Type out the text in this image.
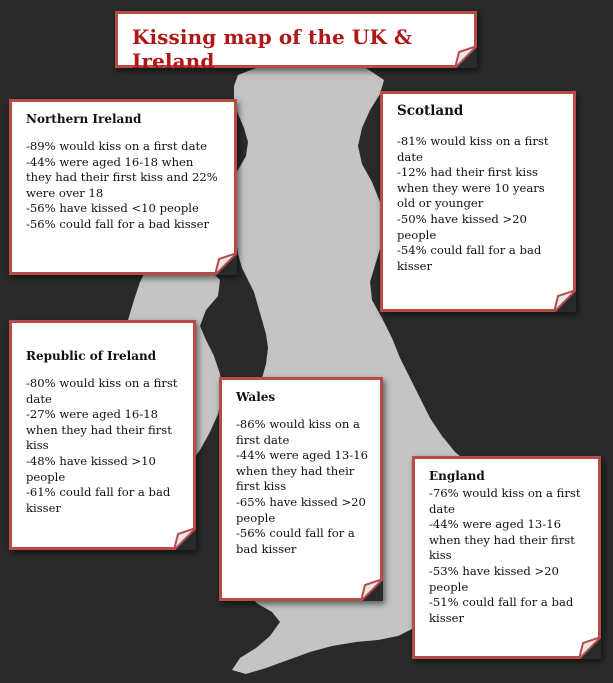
Kissing map of the UK & Ireland
Northern Ireland

-89% would kiss on a first date

-44% were aged 16-18 when they had their first kiss and 22% were over 18

-56% have kissed <10 people

-56% could fall for a bad kisser

Scotland

-81% would kiss on a first date

-12% had their first kiss when they were 10 years old or younger

-50% have kissed >20 people

-54% could fall for a bad kisser

Republic of Ireland

-80% would kiss on a first date

-27% were aged 16-18 when they had their first kiss

-48% have kissed >10 people

-61% could fall for a bad kisser

Wales

-86% would kiss on a first date

-44% were aged 13-16 when they had their first kiss

-65% have kissed >20 people

-56% could fall for a bad kisser

England

-76% would kiss on a first date

-44% were aged 13-16 when they had their first kiss

-53% have kissed >20 people

-51% could fall for a bad kisser
